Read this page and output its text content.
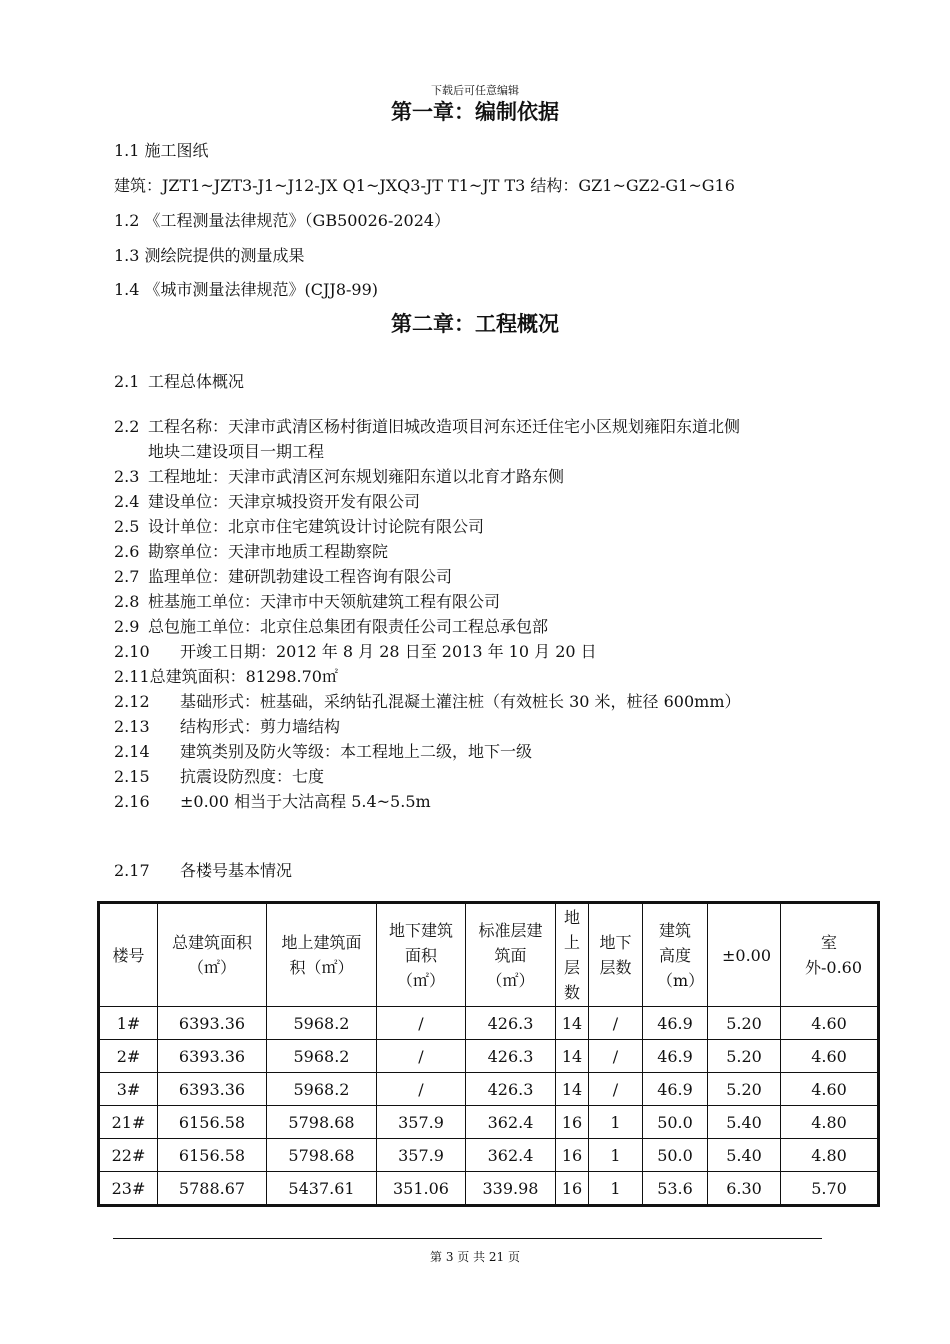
下载后可任意编辑
第一章：编制依据
1.1 施工图纸
建筑：JZT1~JZT3-J1~J12-JX Q1~JXQ3-JT T1~JT T3 结构：GZ1~GZ2-G1~G16
1.2 《工程测量法律规范》（GB50026-2024）
1.3 测绘院提供的测量成果
1.4 《城市测量法律规范》(CJJ8-99)
第二章：工程概况
2.1 工程总体概况
2.2 工程名称：天津市武清区杨村街道旧城改造项目河东还迁住宅小区规划雍阳东道北侧
地块二建设项目一期工程
2.3 工程地址：天津市武清区河东规划雍阳东道以北育才路东侧
2.4 建设单位：天津京城投资开发有限公司
2.5 设计单位：北京市住宅建筑设计讨论院有限公司
2.6 勘察单位：天津市地质工程勘察院
2.7 监理单位：建研凯勃建设工程咨询有限公司
2.8 桩基施工单位：天津市中天领航建筑工程有限公司
2.9 总包施工单位：北京住总集团有限责任公司工程总承包部
2.10 开竣工日期：2012 年 8 月 28 日至 2013 年 10 月 20 日
2.11总建筑面积：81298.70㎡
2.12 基础形式：桩基础，采纳钻孔混凝土灌注桩（有效桩长 30 米，桩径 600mm）
2.13 结构形式：剪力墙结构
2.14 建筑类别及防火等级：本工程地上二级，地下一级
2.15 抗震设防烈度：七度
2.16 ±0.00 相当于大沽高程 5.4~5.5m
2.17 各楼号基本情况
楼号	总建筑面积（㎡）	地上建筑面积（㎡）	地下建筑面积（㎡）	标准层建筑面（㎡）	地上层数	地下层数	建筑高度（m）	±0.00	室外-0.60
1#	6393.36	5968.2	/	426.3	14	/	46.9	5.20	4.60
2#	6393.36	5968.2	/	426.3	14	/	46.9	5.20	4.60
3#	6393.36	5968.2	/	426.3	14	/	46.9	5.20	4.60
21#	6156.58	5798.68	357.9	362.4	16	1	50.0	5.40	4.80
22#	6156.58	5798.68	357.9	362.4	16	1	50.0	5.40	4.80
23#	5788.67	5437.61	351.06	339.98	16	1	53.6	6.30	5.70
第 3 页 共 21 页
